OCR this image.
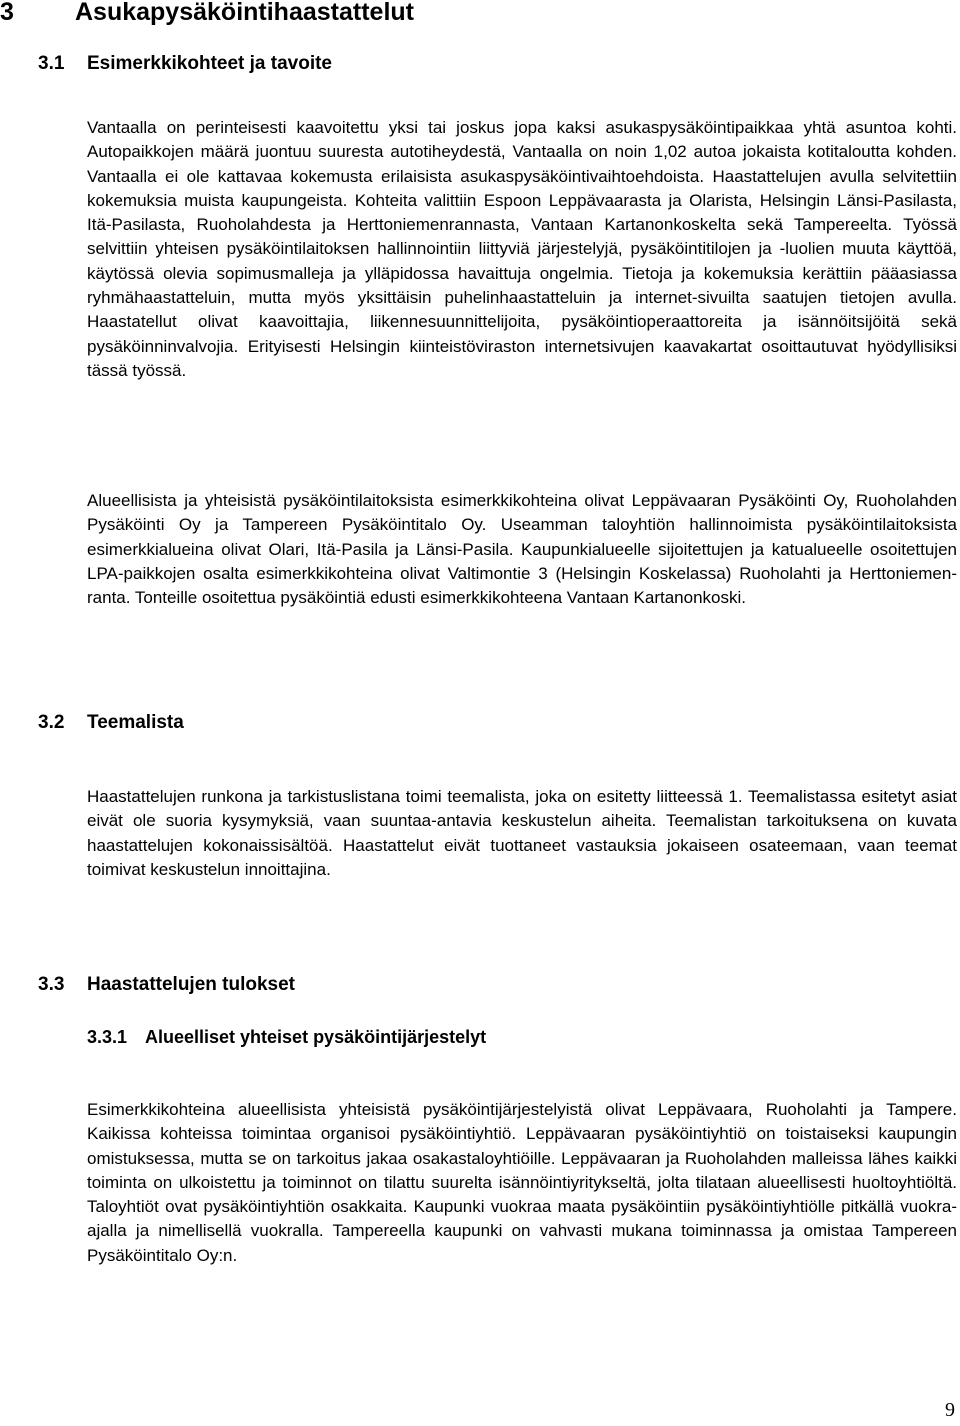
3 Asukapysäköintihaastattelut
3.1 Esimerkkikohteet ja tavoite

Vantaalla on perinteisesti kaavoitettu yksi tai joskus jopa kaksi asukaspysäköintipaikkaa yhtä asuntoa kohti. Autopaikkojen määrä juontuu suuresta autotiheydestä, Vantaalla on noin 1,02 autoa jokaista kotitaloutta kohden. Vantaalla ei ole kattavaa kokemusta erilaisista asukaspysäköintivaihtoehdoista. Haastattelujen avulla selvitettiin kokemuksia muista kaupungeista. Kohteita valittiin Espoon Leppävaarasta ja Olarista, Helsingin Länsi-Pasilasta, Itä-Pasilasta, Ruoholahdesta ja Herttoniemenrannasta, Vantaan Kartanonkoskelta sekä Tampereelta. Työssä selvittiin yhteisen pysäköintilaitoksen hallinnointiin liittyviä järjestelyjä, pysäköintitilojen ja -luolien muuta käyttöä, käytössä olevia sopimusmalleja ja ylläpidossa havaittuja ongelmia. Tietoja ja kokemuksia kerättiin pääasiassa ryhmähaastatteluin, mutta myös yksittäisin puhelinhaastatteluin ja internet-sivuilta saatujen tietojen avulla. Haastatellut olivat kaavoittajia, liikennesuunnittelijoita, pysäköintioperaattoreita ja isännöitsijöitä sekä pysäköinninvalvojia. Erityisesti Helsingin kiinteistöviraston internetsivujen kaavakartat osoittautuvat hyödyllisiksi tässä työssä.

Alueellisista ja yhteisistä pysäköintilaitoksista esimerkkikohteina olivat Leppävaaran Pysäköinti Oy, Ruoholahden Pysäköinti Oy ja Tampereen Pysäköintitalo Oy. Useamman taloyhtiön hallinnoimista pysäköintilaitoksista esimerkkialueina olivat Olari, Itä-Pasila ja Länsi-Pasila. Kaupunkialueelle sijoitettujen ja katualueelle osoitettujen LPA-paikkojen osalta esimerkkikohteina olivat Valtimontie 3 (Helsingin Koskelassa) Ruoholahti ja Herttoniemenranta. Tonteille osoitettua pysäköintiä edusti esimerkkikohteena Vantaan Kartanonkoski.

3.2 Teemalista

Haastattelujen runkona ja tarkistuslistana toimi teemalista, joka on esitetty liitteessä 1. Teemalistassa esitetyt asiat eivät ole suoria kysymyksiä, vaan suuntaa-antavia keskustelun aiheita. Teemalistan tarkoituksena on kuvata haastattelujen kokonaissisältöä. Haastattelut eivät tuottaneet vastauksia jokaiseen osateemaan, vaan teemat toimivat keskustelun innoittajina.

3.3 Haastattelujen tulokset
3.3.1 Alueelliset yhteiset pysäköintijärjestelyt

Esimerkkikohteina alueellisista yhteisistä pysäköintijärjestelyistä olivat Leppävaara, Ruoholahti ja Tampere. Kaikissa kohteissa toimintaa organisoi pysäköintiyhtiö. Leppävaaran pysäköintiyhtiö on toistaiseksi kaupungin omistuksessa, mutta se on tarkoitus jakaa osakastaloyhtiöille. Leppävaaran ja Ruoholahden malleissa lähes kaikki toiminta on ulkoistettu ja toiminnot on tilattu suurelta isännöintiyritykseltä, jolta tilataan alueellisesti huoltoyhtiöltä. Taloyhtiöt ovat pysäköintiyhtiön osakkaita. Kaupunki vuokraa maata pysäköintiin pysäköintiyhtiölle pitkällä vuokra-ajalla ja nimellisellä vuokralla. Tampereella kaupunki on vahvasti mukana toiminnassa ja omistaa Tampereen Pysäköintitalo Oy:n.

9
